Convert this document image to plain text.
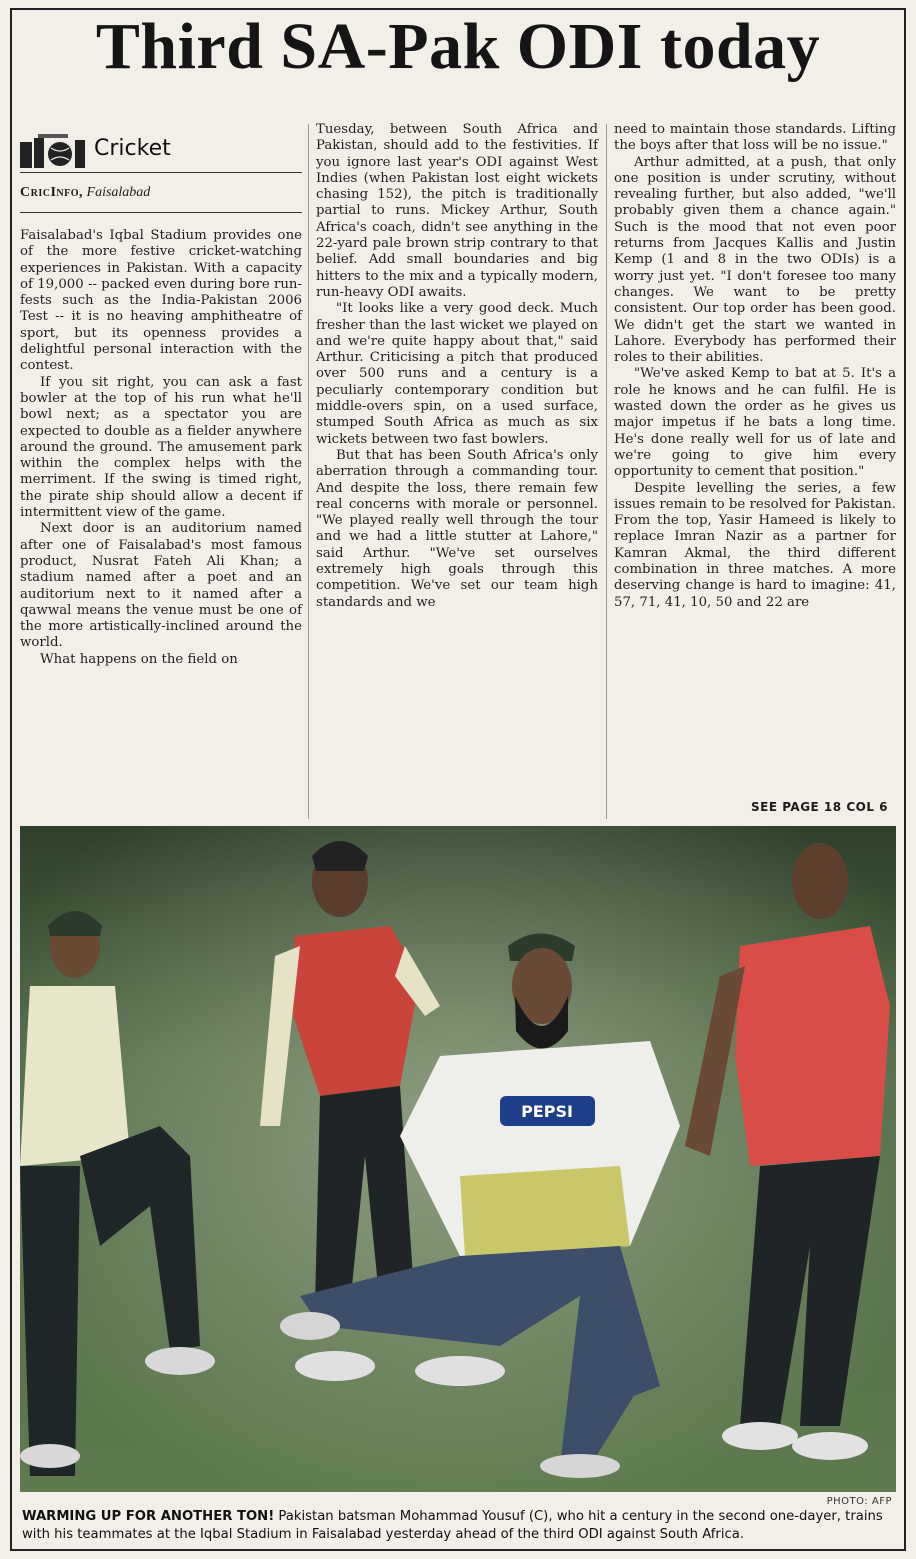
Third SA-Pak ODI today
Cricket
CricInfo, Faisalabad

Faisalabad's Iqbal Stadium provides one of the more festive cricket-watching experiences in Pakistan. With a capacity of 19,000 -- packed even during bore run-fests such as the India-Pakistan 2006 Test -- it is no heaving amphitheatre of sport, but its openness provides a delightful personal interaction with the contest.

If you sit right, you can ask a fast bowler at the top of his run what he'll bowl next; as a spectator you are expected to double as a fielder anywhere around the ground. The amusement park within the complex helps with the merriment. If the swing is timed right, the pirate ship should allow a decent if intermittent view of the game.

Next door is an auditorium named after one of Faisalabad's most famous product, Nusrat Fateh Ali Khan; a stadium named after a poet and an auditorium next to it named after a qawwal means the venue must be one of the more artistically-inclined around the world.

What happens on the field on

Tuesday, between South Africa and Pakistan, should add to the festivities. If you ignore last year's ODI against West Indies (when Pakistan lost eight wickets chasing 152), the pitch is traditionally partial to runs. Mickey Arthur, South Africa's coach, didn't see anything in the 22-yard pale brown strip contrary to that belief. Add small boundaries and big hitters to the mix and a typically modern, run-heavy ODI awaits.

"It looks like a very good deck. Much fresher than the last wicket we played on and we're quite happy about that," said Arthur. Criticising a pitch that produced over 500 runs and a century is a peculiarly contemporary condition but middle-overs spin, on a used surface, stumped South Africa as much as six wickets between two fast bowlers.

But that has been South Africa's only aberration through a commanding tour. And despite the loss, there remain few real concerns with morale or personnel. "We played really well through the tour and we had a little stutter at Lahore," said Arthur. "We've set ourselves extremely high goals through this competition. We've set our team high standards and we

need to maintain those standards. Lifting the boys after that loss will be no issue."

Arthur admitted, at a push, that only one position is under scrutiny, without revealing further, but also added, "we'll probably given them a chance again." Such is the mood that not even poor returns from Jacques Kallis and Justin Kemp (1 and 8 in the two ODIs) is a worry just yet. "I don't foresee too many changes. We want to be pretty consistent. Our top order has been good. We didn't get the start we wanted in Lahore. Everybody has performed their roles to their abilities.

"We've asked Kemp to bat at 5. It's a role he knows and he can fulfil. He is wasted down the order as he gives us major impetus if he bats a long time. He's done really well for us of late and we're going to give him every opportunity to cement that position."

Despite levelling the series, a few issues remain to be resolved for Pakistan. From the top, Yasir Hameed is likely to replace Imran Nazir as a partner for Kamran Akmal, the third different combination in three matches. A more deserving change is hard to imagine: 41, 57, 71, 41, 10, 50 and 22 are

SEE PAGE 18 COL 6
PEPSI
PHOTO: AFP
WARMING UP FOR ANOTHER TON! Pakistan batsman Mohammad Yousuf (C), who hit a century in the second one-dayer, trains with his teammates at the Iqbal Stadium in Faisalabad yesterday ahead of the third ODI against South Africa.
